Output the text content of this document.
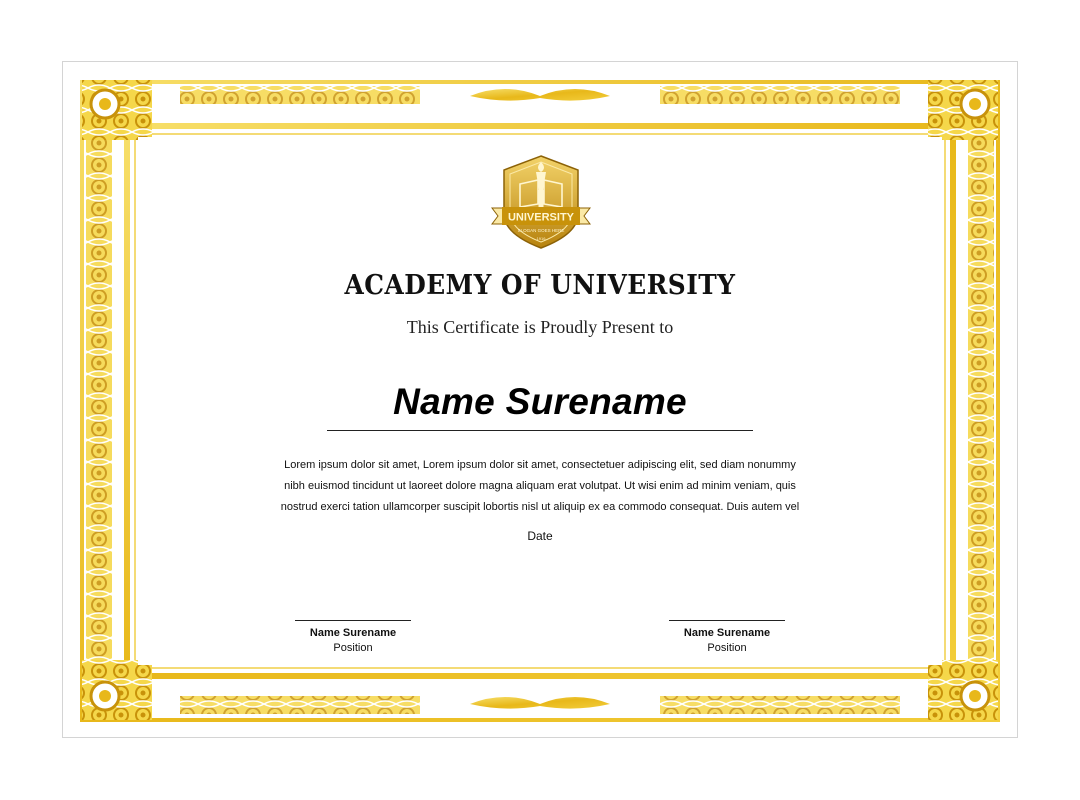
UNIVERSITY
SLOGAN GOES HERE
1916
ACADEMY OF UNIVERSITY
This Certificate is Proudly Present to
Name Surename
Lorem ipsum dolor sit amet, Lorem ipsum dolor sit amet, consectetuer adipiscing elit, sed diam nonummy
nibh euismod tincidunt ut laoreet dolore magna aliquam erat volutpat. Ut wisi enim ad minim veniam, quis
nostrud exerci tation ullamcorper suscipit lobortis nisl ut aliquip ex ea commodo consequat. Duis autem vel
Date
Name Surename
Position
Name Surename
Position
